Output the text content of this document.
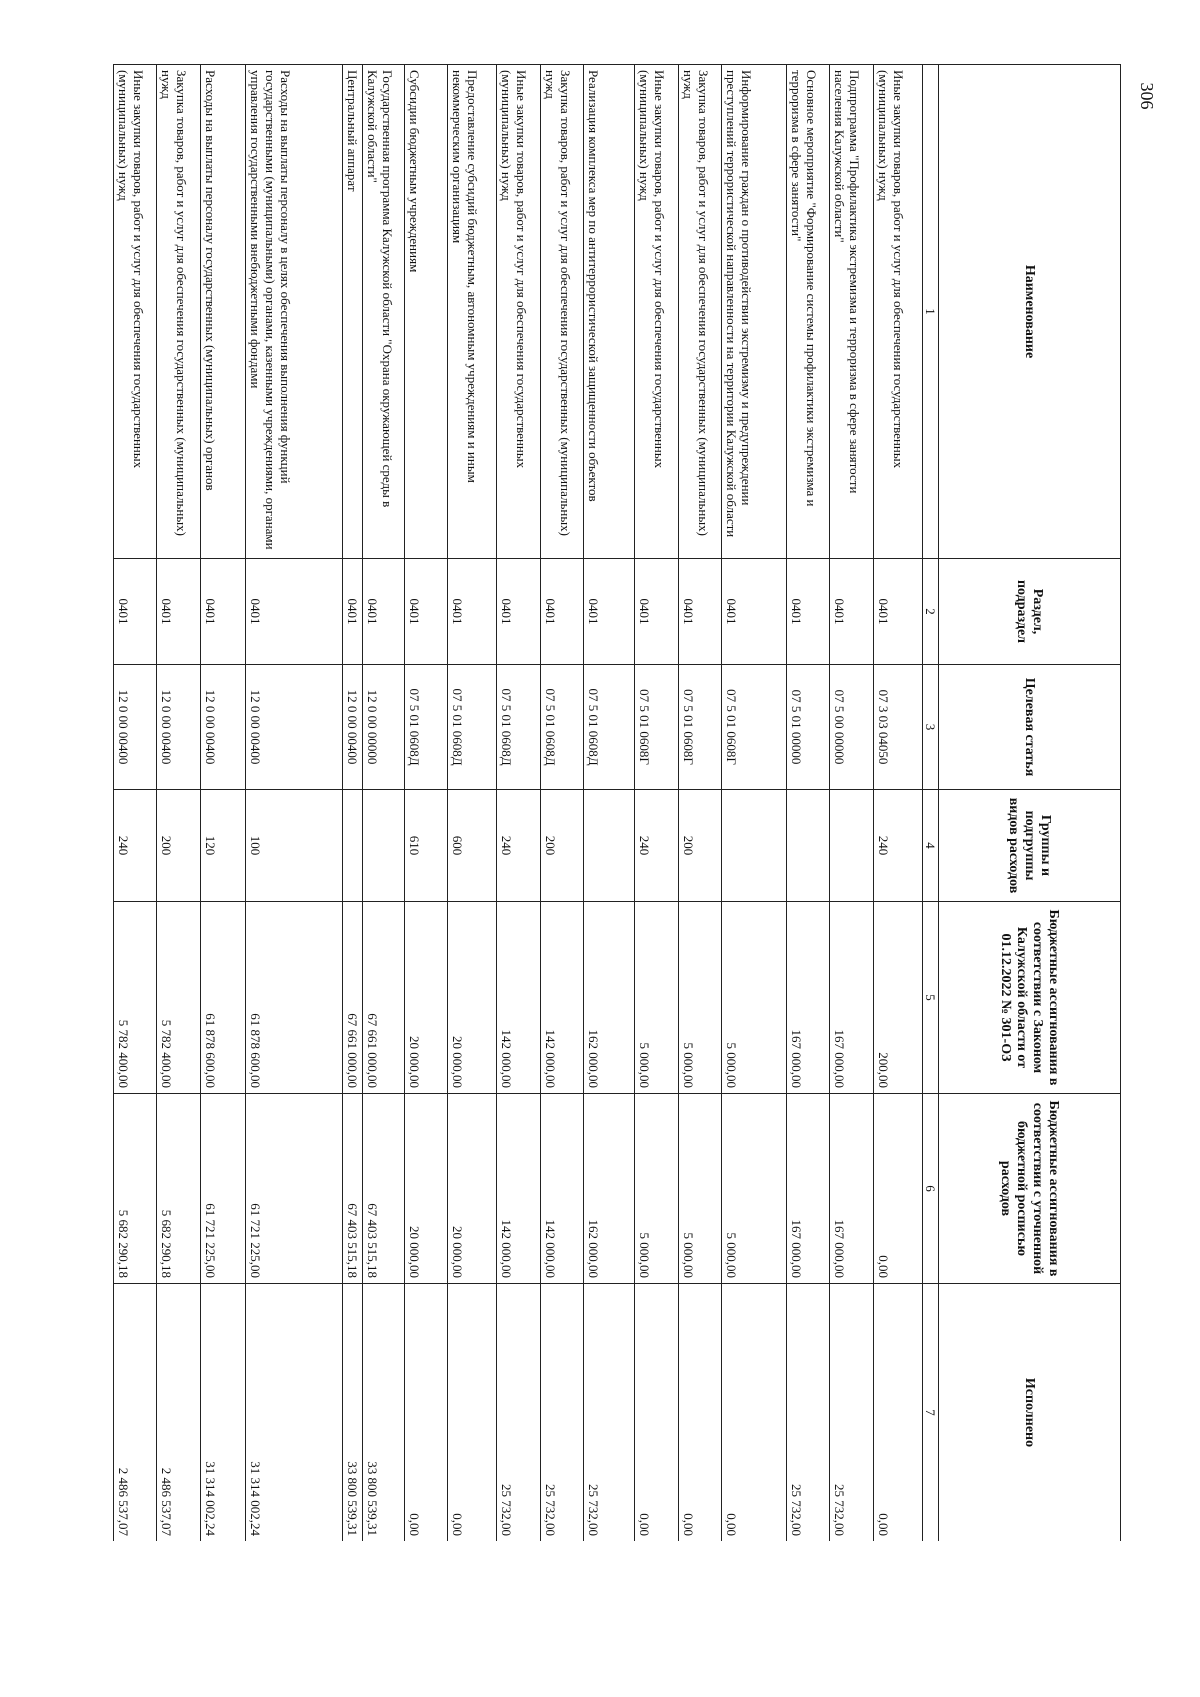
306
Наименование	Раздел, подраздел	Целевая статья	Группы и подгруппы видов расходов	Бюджетные ассигнования в соответствии с Законом Калужской области от 01.12.2022 № 301-ОЗ	Бюджетные ассигнования в соответствии с уточненной бюджетной росписью расходов	Исполнено
1	2	3	4	5	6	7
Иные закупки товаров, работ и услуг для обеспечения государственных (муниципальных) нужд	0401	07 3 03 04050	240	200,00	0,00	0,00
Подпрограмма "Профилактика экстремизма и терроризма в сфере занятости населения Калужской области"	0401	07 5 00 00000		167 000,00	167 000,00	25 732,00
Основное мероприятие "Формирование системы профилактики экстремизма и терроризма в сфере занятости"	0401	07 5 01 00000		167 000,00	167 000,00	25 732,00
Информирование граждан о противодействии экстремизму и предупреждении преступлений террористической направленности на территории Калужской области	0401	07 5 01 0608Г		5 000,00	5 000,00	0,00
Закупка товаров, работ и услуг для обеспечения государственных (муниципальных) нужд	0401	07 5 01 0608Г	200	5 000,00	5 000,00	0,00
Иные закупки товаров, работ и услуг для обеспечения государственных (муниципальных) нужд	0401	07 5 01 0608Г	240	5 000,00	5 000,00	0,00
Реализация комплекса мер по антитеррористической защищенности объектов	0401	07 5 01 0608Д		162 000,00	162 000,00	25 732,00
Закупка товаров, работ и услуг для обеспечения государственных (муниципальных) нужд	0401	07 5 01 0608Д	200	142 000,00	142 000,00	25 732,00
Иные закупки товаров, работ и услуг для обеспечения государственных (муниципальных) нужд	0401	07 5 01 0608Д	240	142 000,00	142 000,00	25 732,00
Предоставление субсидий бюджетным, автономным учреждениям и иным некоммерческим организациям	0401	07 5 01 0608Д	600	20 000,00	20 000,00	0,00
Субсидии бюджетным учреждениям	0401	07 5 01 0608Д	610	20 000,00	20 000,00	0,00
Государственная программа Калужской области "Охрана окружающей среды в Калужской области"	0401	12 0 00 00000		67 661 000,00	67 403 515,18	33 800 539,31
Центральный аппарат	0401	12 0 00 00400		67 661 000,00	67 403 515,18	33 800 539,31
Расходы на выплаты персоналу в целях обеспечения выполнения функций государственными (муниципальными) органами, казенными учреждениями, органами управления государственными внебюджетными фондами	0401	12 0 00 00400	100	61 878 600,00	61 721 225,00	31 314 002,24
Расходы на выплаты персоналу государственных (муниципальных) органов	0401	12 0 00 00400	120	61 878 600,00	61 721 225,00	31 314 002,24
Закупка товаров, работ и услуг для обеспечения государственных (муниципальных) нужд	0401	12 0 00 00400	200	5 782 400,00	5 682 290,18	2 486 537,07
Иные закупки товаров, работ и услуг для обеспечения государственных (муниципальных) нужд	0401	12 0 00 00400	240	5 782 400,00	5 682 290,18	2 486 537,07
